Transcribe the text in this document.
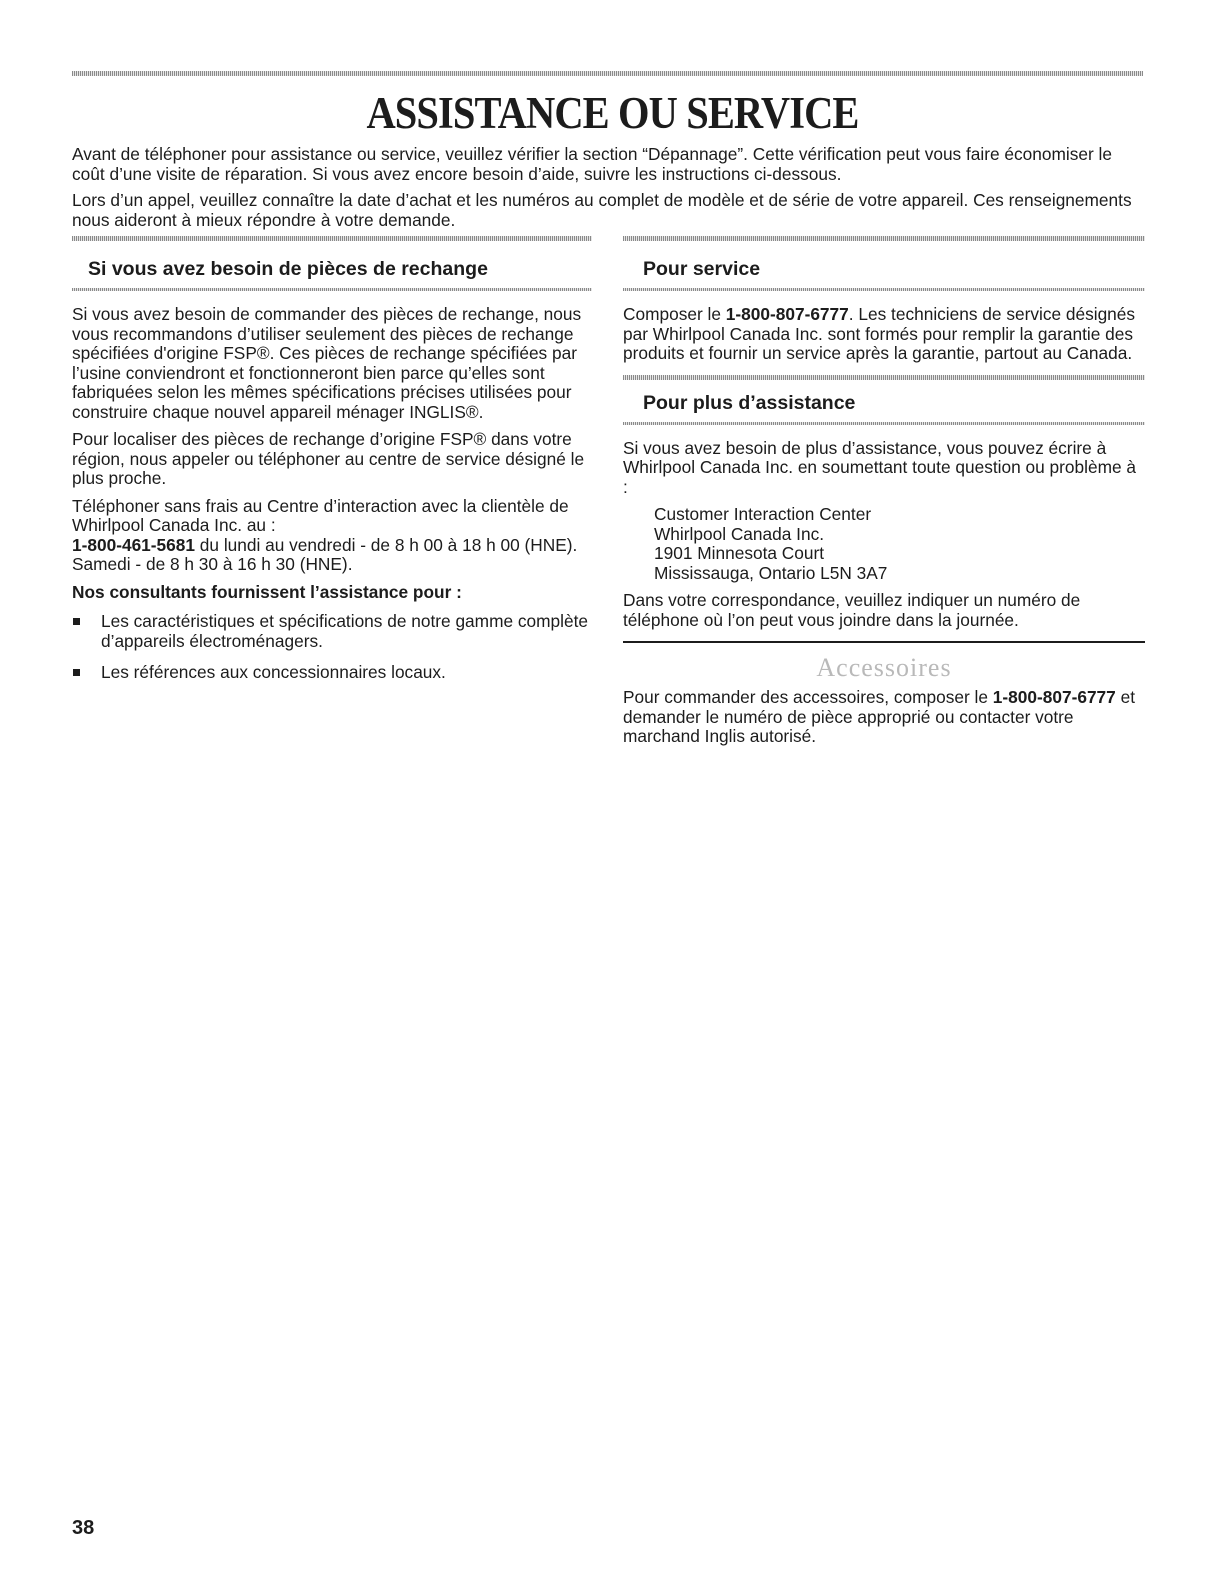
ASSISTANCE OU SERVICE

Avant de téléphoner pour assistance ou service, veuillez vérifier la section “Dépannage”. Cette vérification peut vous faire économiser le coût d’une visite de réparation. Si vous avez encore besoin d’aide, suivre les instructions ci-dessous.

Lors d’un appel, veuillez connaître la date d’achat et les numéros au complet de modèle et de série de votre appareil. Ces renseignements nous aideront à mieux répondre à votre demande.

Si vous avez besoin de pièces de rechange

Si vous avez besoin de commander des pièces de rechange, nous vous recommandons d’utiliser seulement des pièces de rechange spécifiées d'origine FSP®. Ces pièces de rechange spécifiées par l’usine conviendront et fonctionneront bien parce qu’elles sont fabriquées selon les mêmes spécifications précises utilisées pour construire chaque nouvel appareil ménager INGLIS®.

Pour localiser des pièces de rechange d’origine FSP® dans votre région, nous appeler ou téléphoner au centre de service désigné le plus proche.

Téléphoner sans frais au Centre d’interaction avec la clientèle de Whirlpool Canada Inc. au :

1-800-461-5681 du lundi au vendredi - de 8 h 00 à 18 h 00 (HNE). Samedi - de 8 h 30 à 16 h 30 (HNE).

Nos consultants fournissent l’assistance pour :

Les caractéristiques et spécifications de notre gamme complète d’appareils électroménagers.
Les références aux concessionnaires locaux.
Pour service

Composer le 1-800-807-6777. Les techniciens de service désignés par Whirlpool Canada Inc. sont formés pour remplir la garantie des produits et fournir un service après la garantie, partout au Canada.

Pour plus d’assistance

Si vous avez besoin de plus d’assistance, vous pouvez écrire à Whirlpool Canada Inc. en soumettant toute question ou problème à :

Customer Interaction Center

Whirlpool Canada Inc.

1901 Minnesota Court

Mississauga, Ontario L5N 3A7

Dans votre correspondance, veuillez indiquer un numéro de téléphone où l’on peut vous joindre dans la journée.

Accessoires

Pour commander des accessoires, composer le 1-800-807-6777 et demander le numéro de pièce approprié ou contacter votre marchand Inglis autorisé.

38
